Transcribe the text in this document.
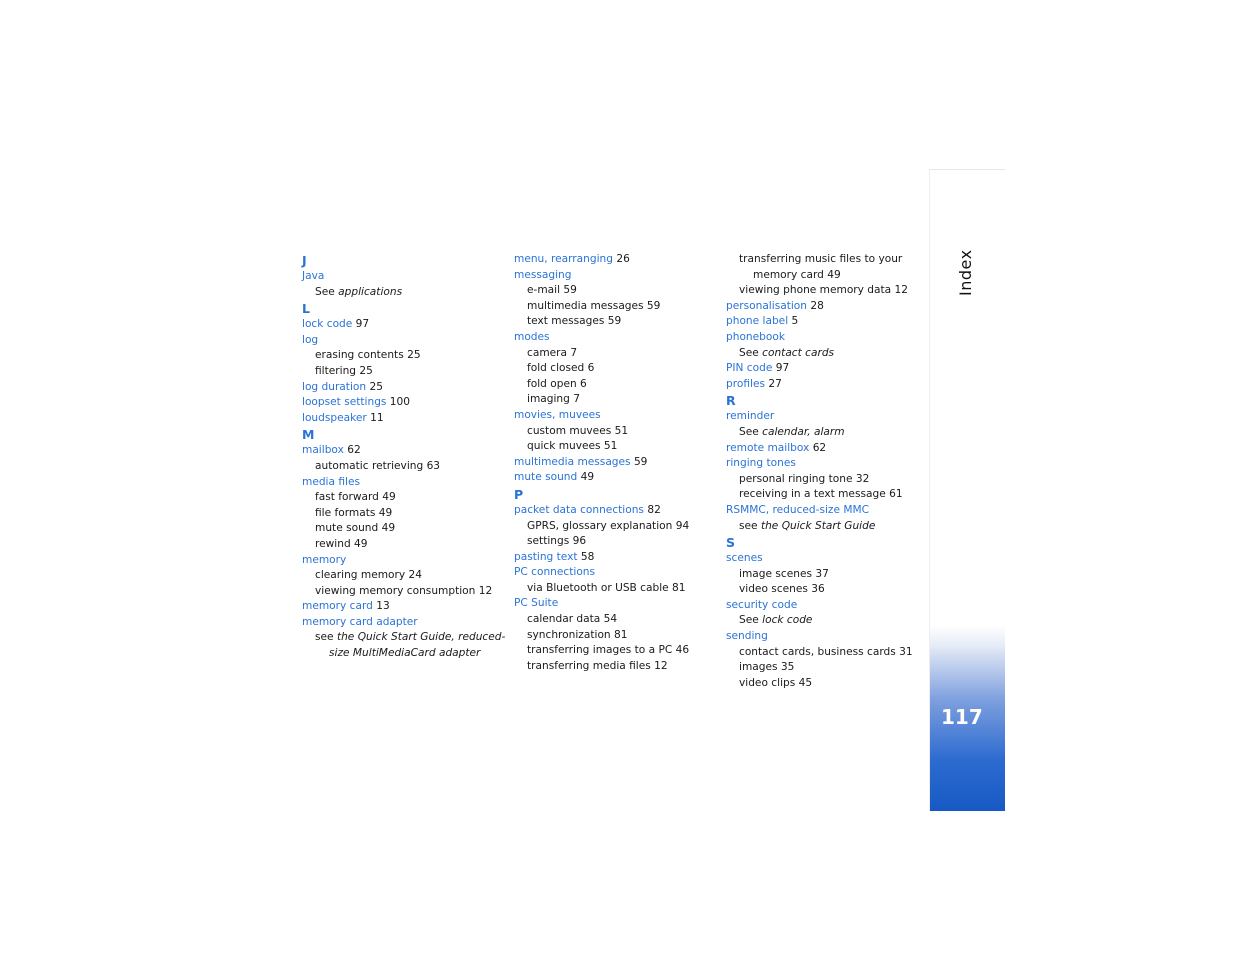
J
Java
See applications
L
lock code 97
log
erasing contents 25
filtering 25
log duration 25
loopset settings 100
loudspeaker 11
M
mailbox 62
automatic retrieving 63
media files
fast forward 49
file formats 49
mute sound 49
rewind 49
memory
clearing memory 24
viewing memory consumption 12
memory card 13
memory card adapter
see the Quick Start Guide, reduced-
size MultiMediaCard adapter
menu, rearranging 26
messaging
e-mail 59
multimedia messages 59
text messages 59
modes
camera 7
fold closed 6
fold open 6
imaging 7
movies, muvees
custom muvees 51
quick muvees 51
multimedia messages 59
mute sound 49
P
packet data connections 82
GPRS, glossary explanation 94
settings 96
pasting text 58
PC connections
via Bluetooth or USB cable 81
PC Suite
calendar data 54
synchronization 81
transferring images to a PC 46
transferring media files 12
transferring music files to your
memory card 49
viewing phone memory data 12
personalisation 28
phone label 5
phonebook
See contact cards
PIN code 97
profiles 27
R
reminder
See calendar, alarm
remote mailbox 62
ringing tones
personal ringing tone 32
receiving in a text message 61
RSMMC, reduced-size MMC
see the Quick Start Guide
S
scenes
image scenes 37
video scenes 36
security code
See lock code
sending
contact cards, business cards 31
images 35
video clips 45
Index
117
